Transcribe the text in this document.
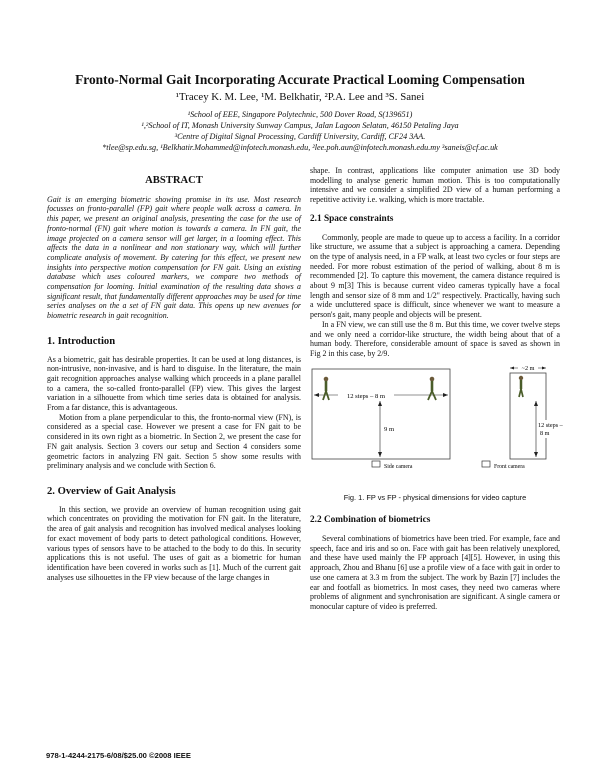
Fronto-Normal Gait Incorporating Accurate Practical Looming Compensation
¹Tracey K. M. Lee, ¹M. Belkhatir, ²P.A. Lee and ³S. Sanei
¹School of EEE, Singapore Polytechnic, 500 Dover Road, S(139651)
¹,²School of IT, Monash University Sunway Campus, Jalan Lagoon Selatan, 46150 Petaling Jaya
³Centre of Digital Signal Processing, Cardiff University, Cardiff, CF24 3AA.
*tlee@sp.edu.sg, ¹Belkhatir.Mohammed@infotech.monash.edu, ²lee.poh.aun@infotech.monash.edu.my ³saneis@cf.ac.uk
ABSTRACT

Gait is an emerging biometric showing promise in its use. Most research focusses on fronto-parallel (FP) gait where people walk across a camera. In this paper, we present an original analysis, presenting the case for the use of fronto-normal (FN) gait where motion is towards a camera. In FN gait, the image projected on a camera sensor will get larger, in a looming effect. This affects the data in a nonlinear and non stationary way, which will further complicate analysis of movement. By catering for this effect, we present new insights into perspective motion compensation for FN gait. Using an existing database which uses coloured markers, we compare two methods of compensation for looming. Initial examination of the resulting data shows a significant result, that fundamentally different approaches may be used for time series analyses on the a set of FN gait data. This opens up new avenues for biometric research in gait recognition.

1. Introduction

As a biometric, gait has desirable properties. It can be used at long distances, is non-intrusive, non-invasive, and is hard to disguise. In the literature, the main gait recognition approaches analyse walking which proceeds in a plane parallel to a camera, the so-called fronto-parallel (FP) view. This gives the largest variation in a silhouette from which time series data is obtained for analysis. From a far distance, this is advantageous.

Motion from a plane perpendicular to this, the fronto-normal view (FN), is considered as a special case. However we present a case for FN gait to be considered in its own right as a biometric. In Section 2, we present the case for FN gait analysis. Section 3 covers our setup and Section 4 considers some geometric factors in analyzing FN gait. Section 5 show some results with preliminary analysis and we conclude with Section 6.

2. Overview of Gait Analysis

In this section, we provide an overview of human recognition using gait which concentrates on providing the motivation for FN gait. In the literature, the area of gait analysis and recognition has involved medical analyses looking for exact movement of body parts to detect pathological conditions. However, various types of sensors have to be attached to the body to do this. In security applications this is not useful. The uses of gait as a biometric for human identification have been covered in works such as [1]. Much of the current gait analyses use silhouettes in the FP view because of the large changes in

shape. In contrast, applications like computer animation use 3D body modelling to analyse generic human motion. This is too computationally intensive and we consider a simplified 2D view of a human performing a repetitive activity i.e. walking, which is more tractable.

2.1 Space constraints

Commonly, people are made to queue up to access a facility. In a corridor like structure, we assume that a subject is approaching a camera. Depending on the type of analysis need, in a FP walk, at least two cycles or four steps are needed. For more robust estimation of the period of walking, about 8 m is recommended [2]. To capture this movement, the camera distance required is about 9 m[3] This is because current video cameras typically have a focal length and sensor size of 8 mm and 1/2" respectively. Practically, having such a wide uncluttered space is difficult, since whenever we want to measure a person's gait, many people and objects will be present.

In a FN view, we can still use the 8 m. But this time, we cover twelve steps and we only need a corridor-like structure, the width being about that of a human body. Therefore, considerable amount of space is saved as shown in Fig 2 in this case, by 2/9.

12 steps – 8 m
9 m
Side camera
~2 m
12 steps –
8 m
Front camera
Fig. 1. FP vs FP - physical dimensions for video capture
2.2 Combination of biometrics

Several combinations of biometrics have been tried. For example, face and speech, face and iris and so on. Face with gait has been relatively unexplored, and these have used mainly the FP approach [4][5]. However, in using this approach, Zhou and Bhanu [6] use a profile view of a face with gait in order to use one camera at 3.3 m from the subject. The work by Bazin [7] includes the ear and footfall as biometrics. In most cases, they need two cameras where problems of alignment and synchronisation are significant. A single camera or monocular capture of video is preferred.

978-1-4244-2175-6/08/$25.00 ©2008 IEEE
